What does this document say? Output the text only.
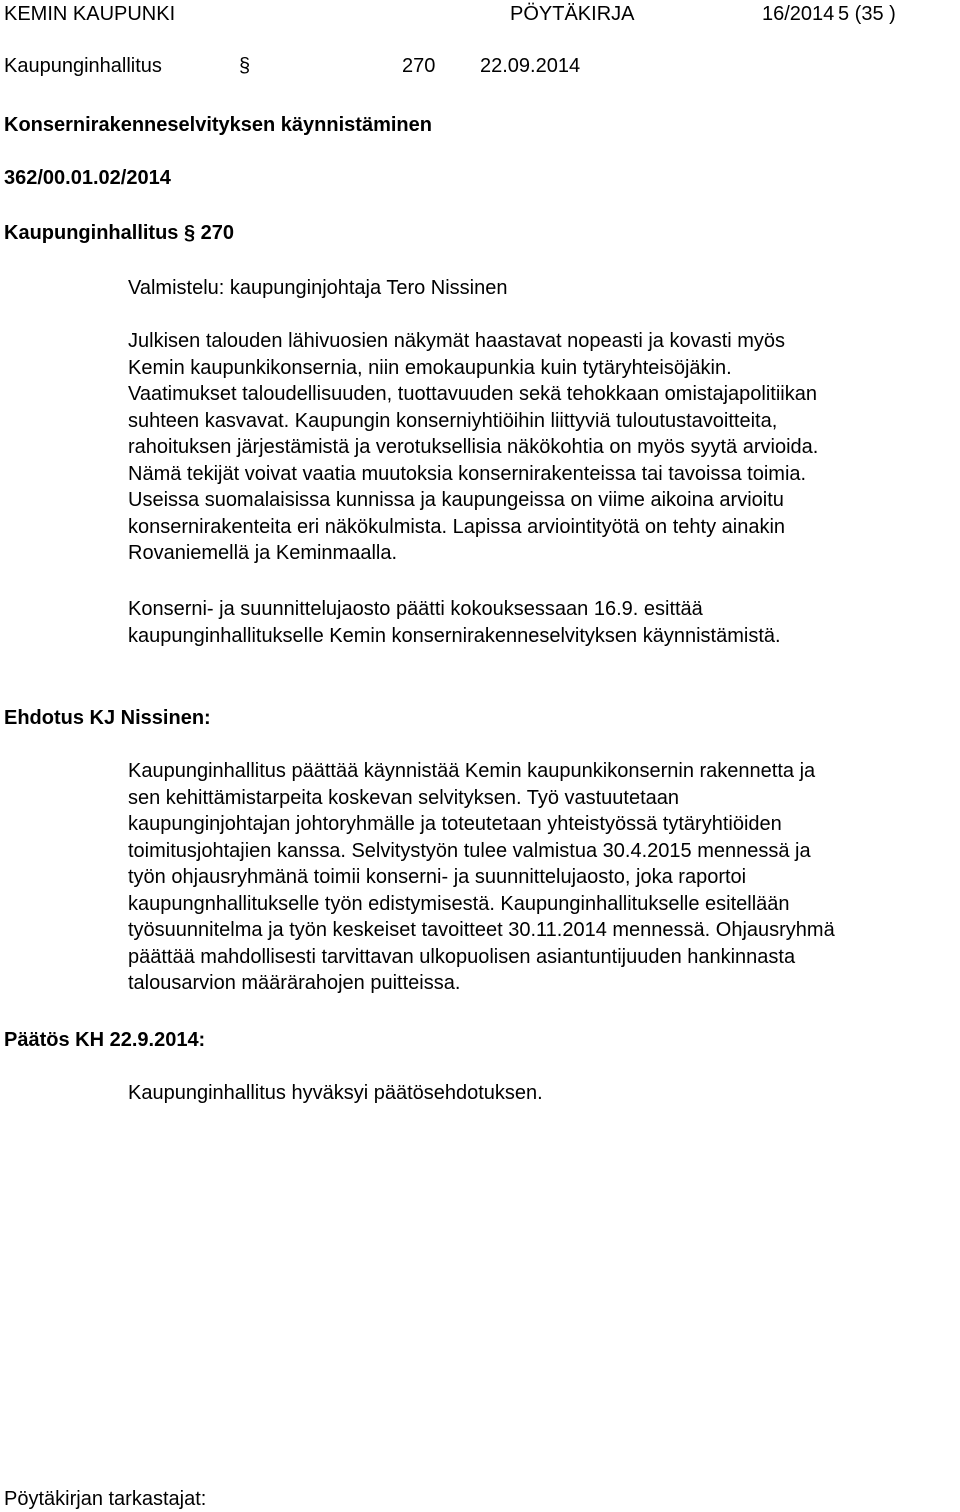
KEMIN KAUPUNKI	PÖYTÄKIRJA	16/2014 5 (35 )
Kaupunginhallitus	§	270 22.09.2014
Konsernirakenneselvityksen käynnistäminen
362/00.01.02/2014
Kaupunginhallitus § 270
Valmistelu: kaupunginjohtaja Tero Nissinen

Julkisen talouden lähivuosien näkymät haastavat nopeasti ja kovasti myös

Kemin kaupunkikonsernia, niin emokaupunkia kuin tytäryhteisöjäkin.

Vaatimukset taloudellisuuden, tuottavuuden sekä tehokkaan omistajapolitiikan

suhteen kasvavat. Kaupungin konserniyhtiöihin liittyviä tuloutustavoitteita,

rahoituksen järjestämistä ja verotuksellisia näkökohtia on myös syytä arvioida.

Nämä tekijät voivat vaatia muutoksia konsernirakenteissa tai tavoissa toimia.

Useissa suomalaisissa kunnissa ja kaupungeissa on viime aikoina arvioitu

konsernirakenteita eri näkökulmista. Lapissa arviointityötä on tehty ainakin

Rovaniemellä ja Keminmaalla.

Konserni- ja suunnittelujaosto päätti kokouksessaan 16.9. esittää

kaupunginhallitukselle Kemin konsernirakenneselvityksen käynnistämistä.

Ehdotus KJ Nissinen:

Kaupunginhallitus päättää käynnistää Kemin kaupunkikonsernin rakennetta ja

sen kehittämistarpeita koskevan selvityksen. Työ vastuutetaan

kaupunginjohtajan johtoryhmälle ja toteutetaan yhteistyössä tytäryhtiöiden

toimitusjohtajien kanssa. Selvitystyön tulee valmistua 30.4.2015 mennessä ja

työn ohjausryhmänä toimii konserni- ja suunnittelujaosto, joka raportoi

kaupungnhallitukselle työn edistymisestä. Kaupunginhallitukselle esitellään

työsuunnitelma ja työn keskeiset tavoitteet 30.11.2014 mennessä. Ohjausryhmä

päättää mahdollisesti tarvittavan ulkopuolisen asiantuntijuuden hankinnasta

talousarvion määrärahojen puitteissa.

Päätös KH 22.9.2014:
Kaupunginhallitus hyväksyi päätösehdotuksen.
Pöytäkirjan tarkastajat:
